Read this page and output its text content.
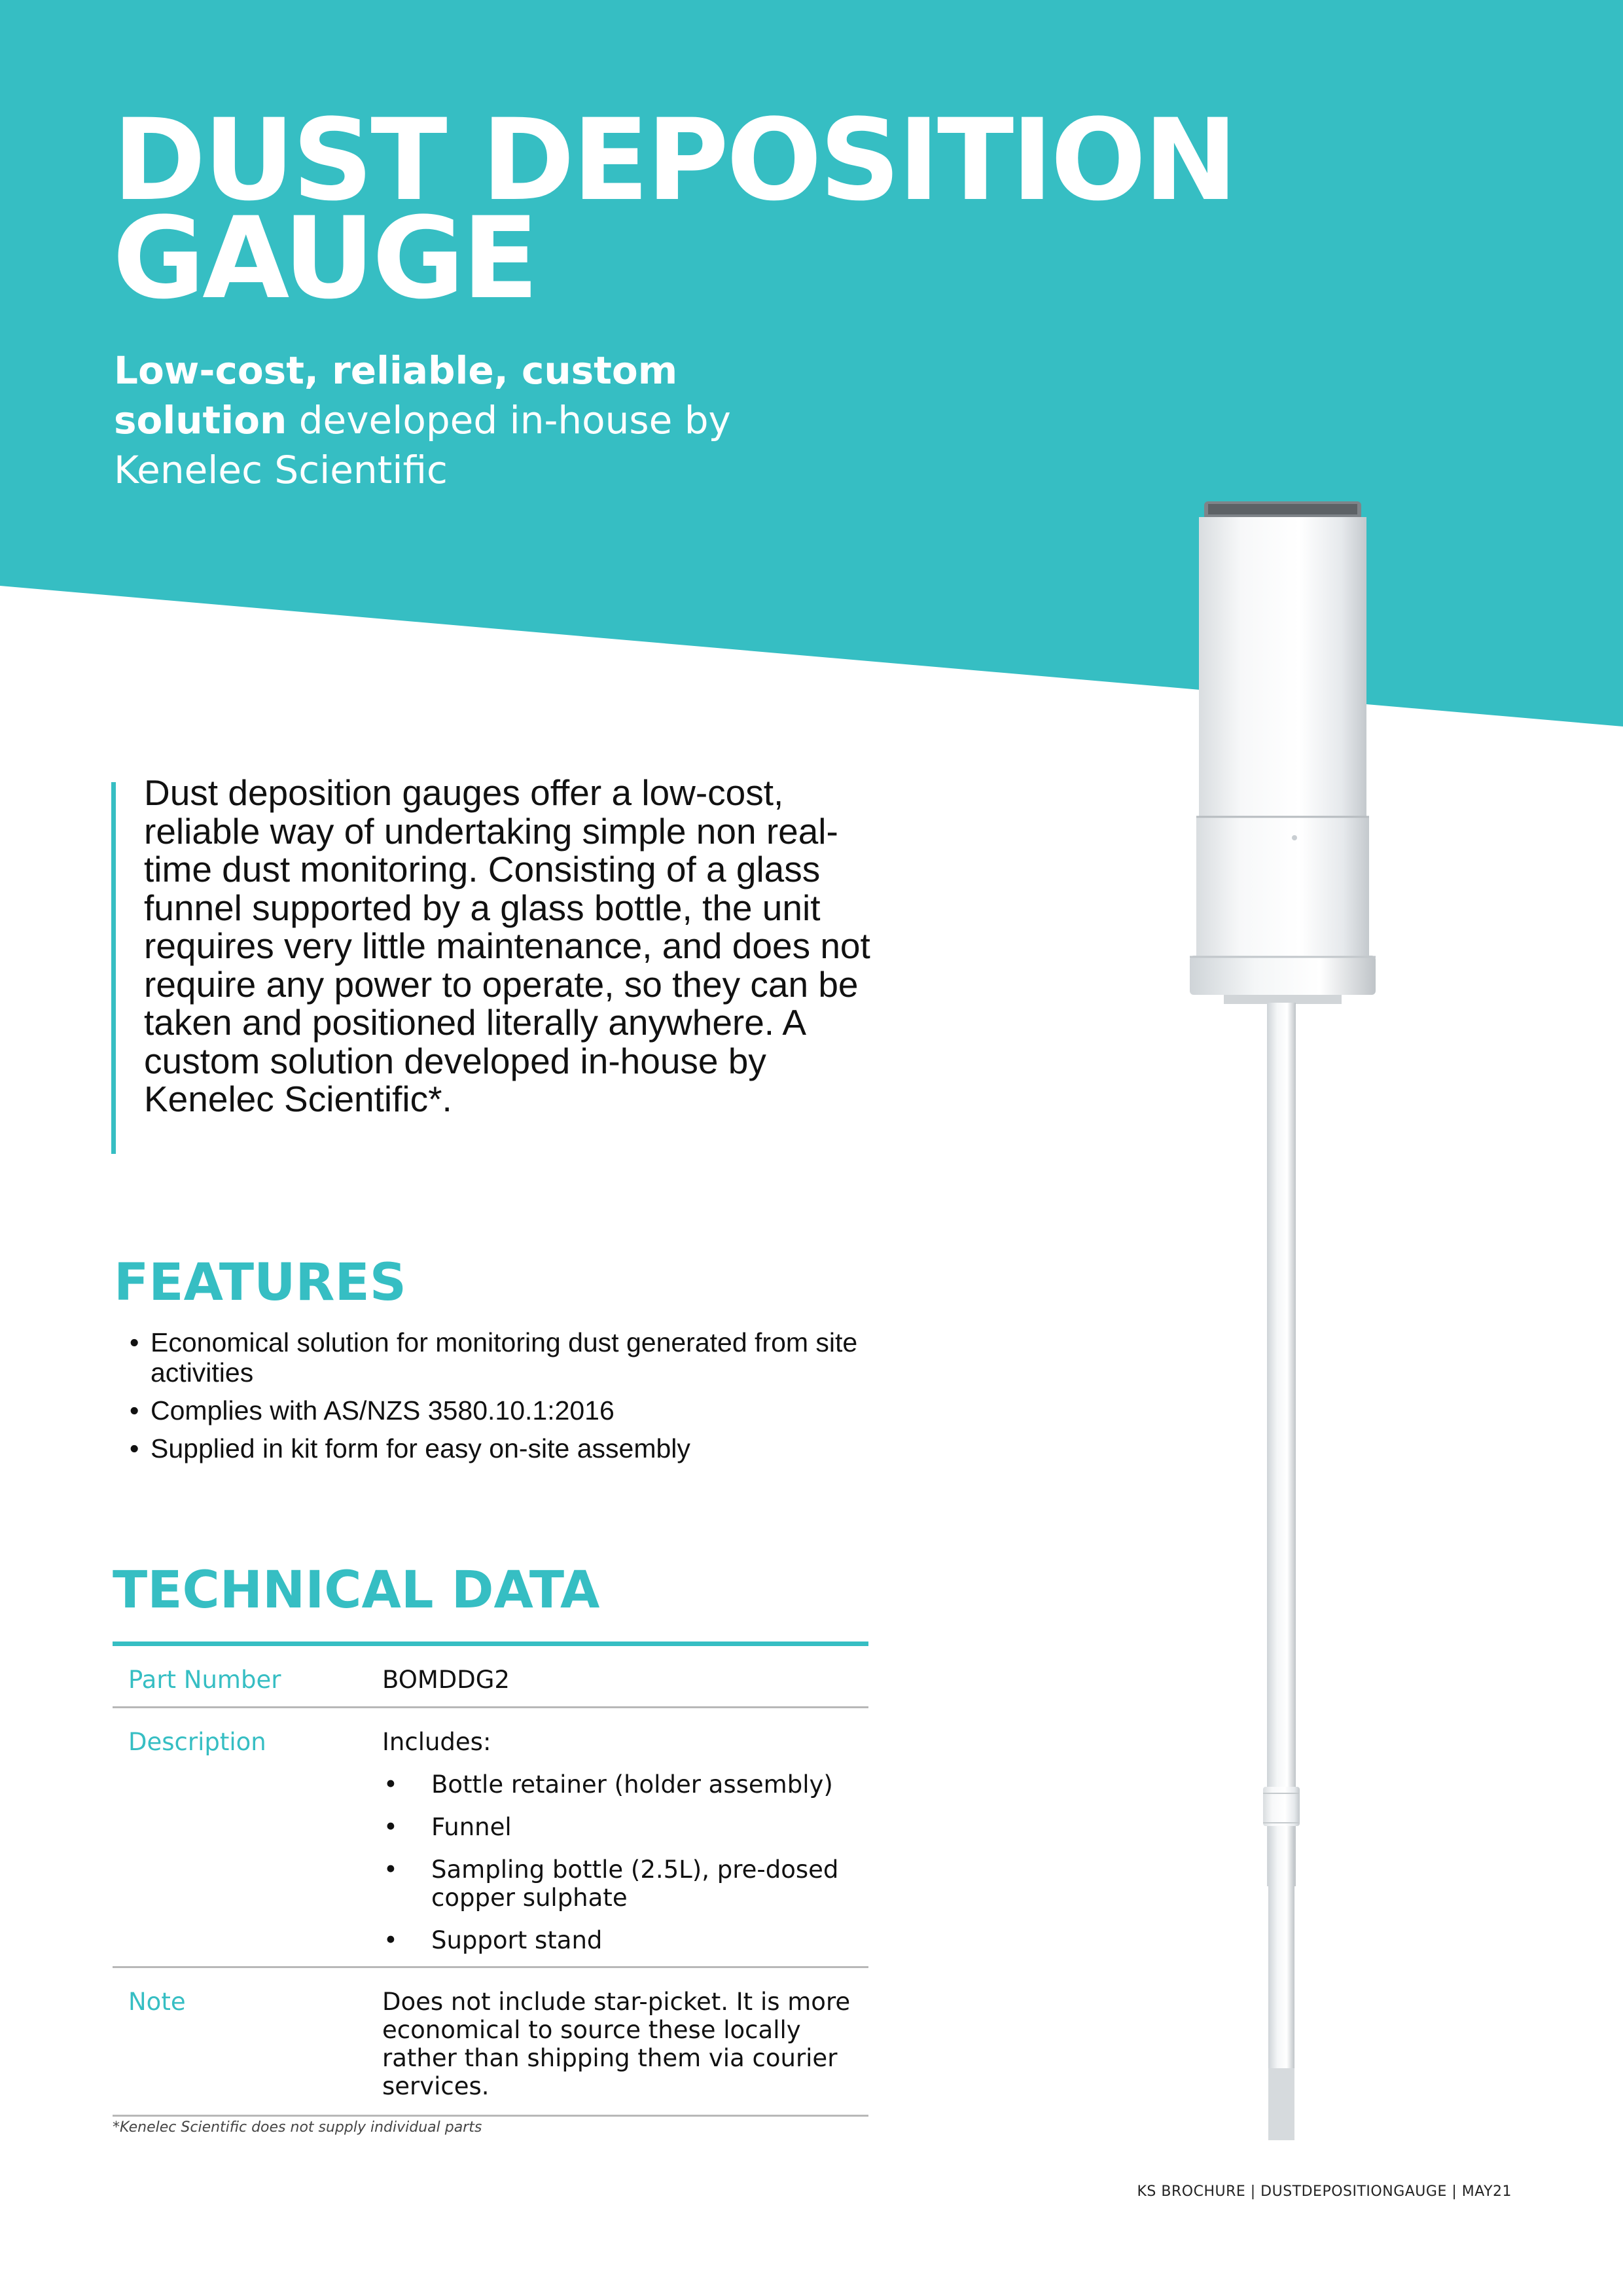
DUST DEPOSITION
GAUGE
Low-cost, reliable, custom solution developed in-house by Kenelec Scientific

Dust deposition gauges offer a low-cost, reliable way of undertaking simple non real-time dust monitoring. Consisting of a glass funnel supported by a glass bottle, the unit requires very little maintenance, and does not require any power to operate, so they can be taken and positioned literally anywhere. A custom solution developed in-house by Kenelec Scientific*.

FEATURES
• Economical solution for monitoring dust generated from site activities
• Complies with AS/NZS 3580.10.1:2016
• Supplied in kit form for easy on-site assembly
TECHNICAL DATA
Part Number	BOMDDG2
Description	Includes:
• Bottle retainer (holder assembly)
• Funnel
• Sampling bottle (2.5L), pre-dosed copper sulphate
• Support stand
Note	Does not include star-picket. It is more economical to source these locally rather than shipping them via courier services.
*Kenelec Scientific does not supply individual parts
KS BROCHURE | DUSTDEPOSITIONGAUGE | MAY21
